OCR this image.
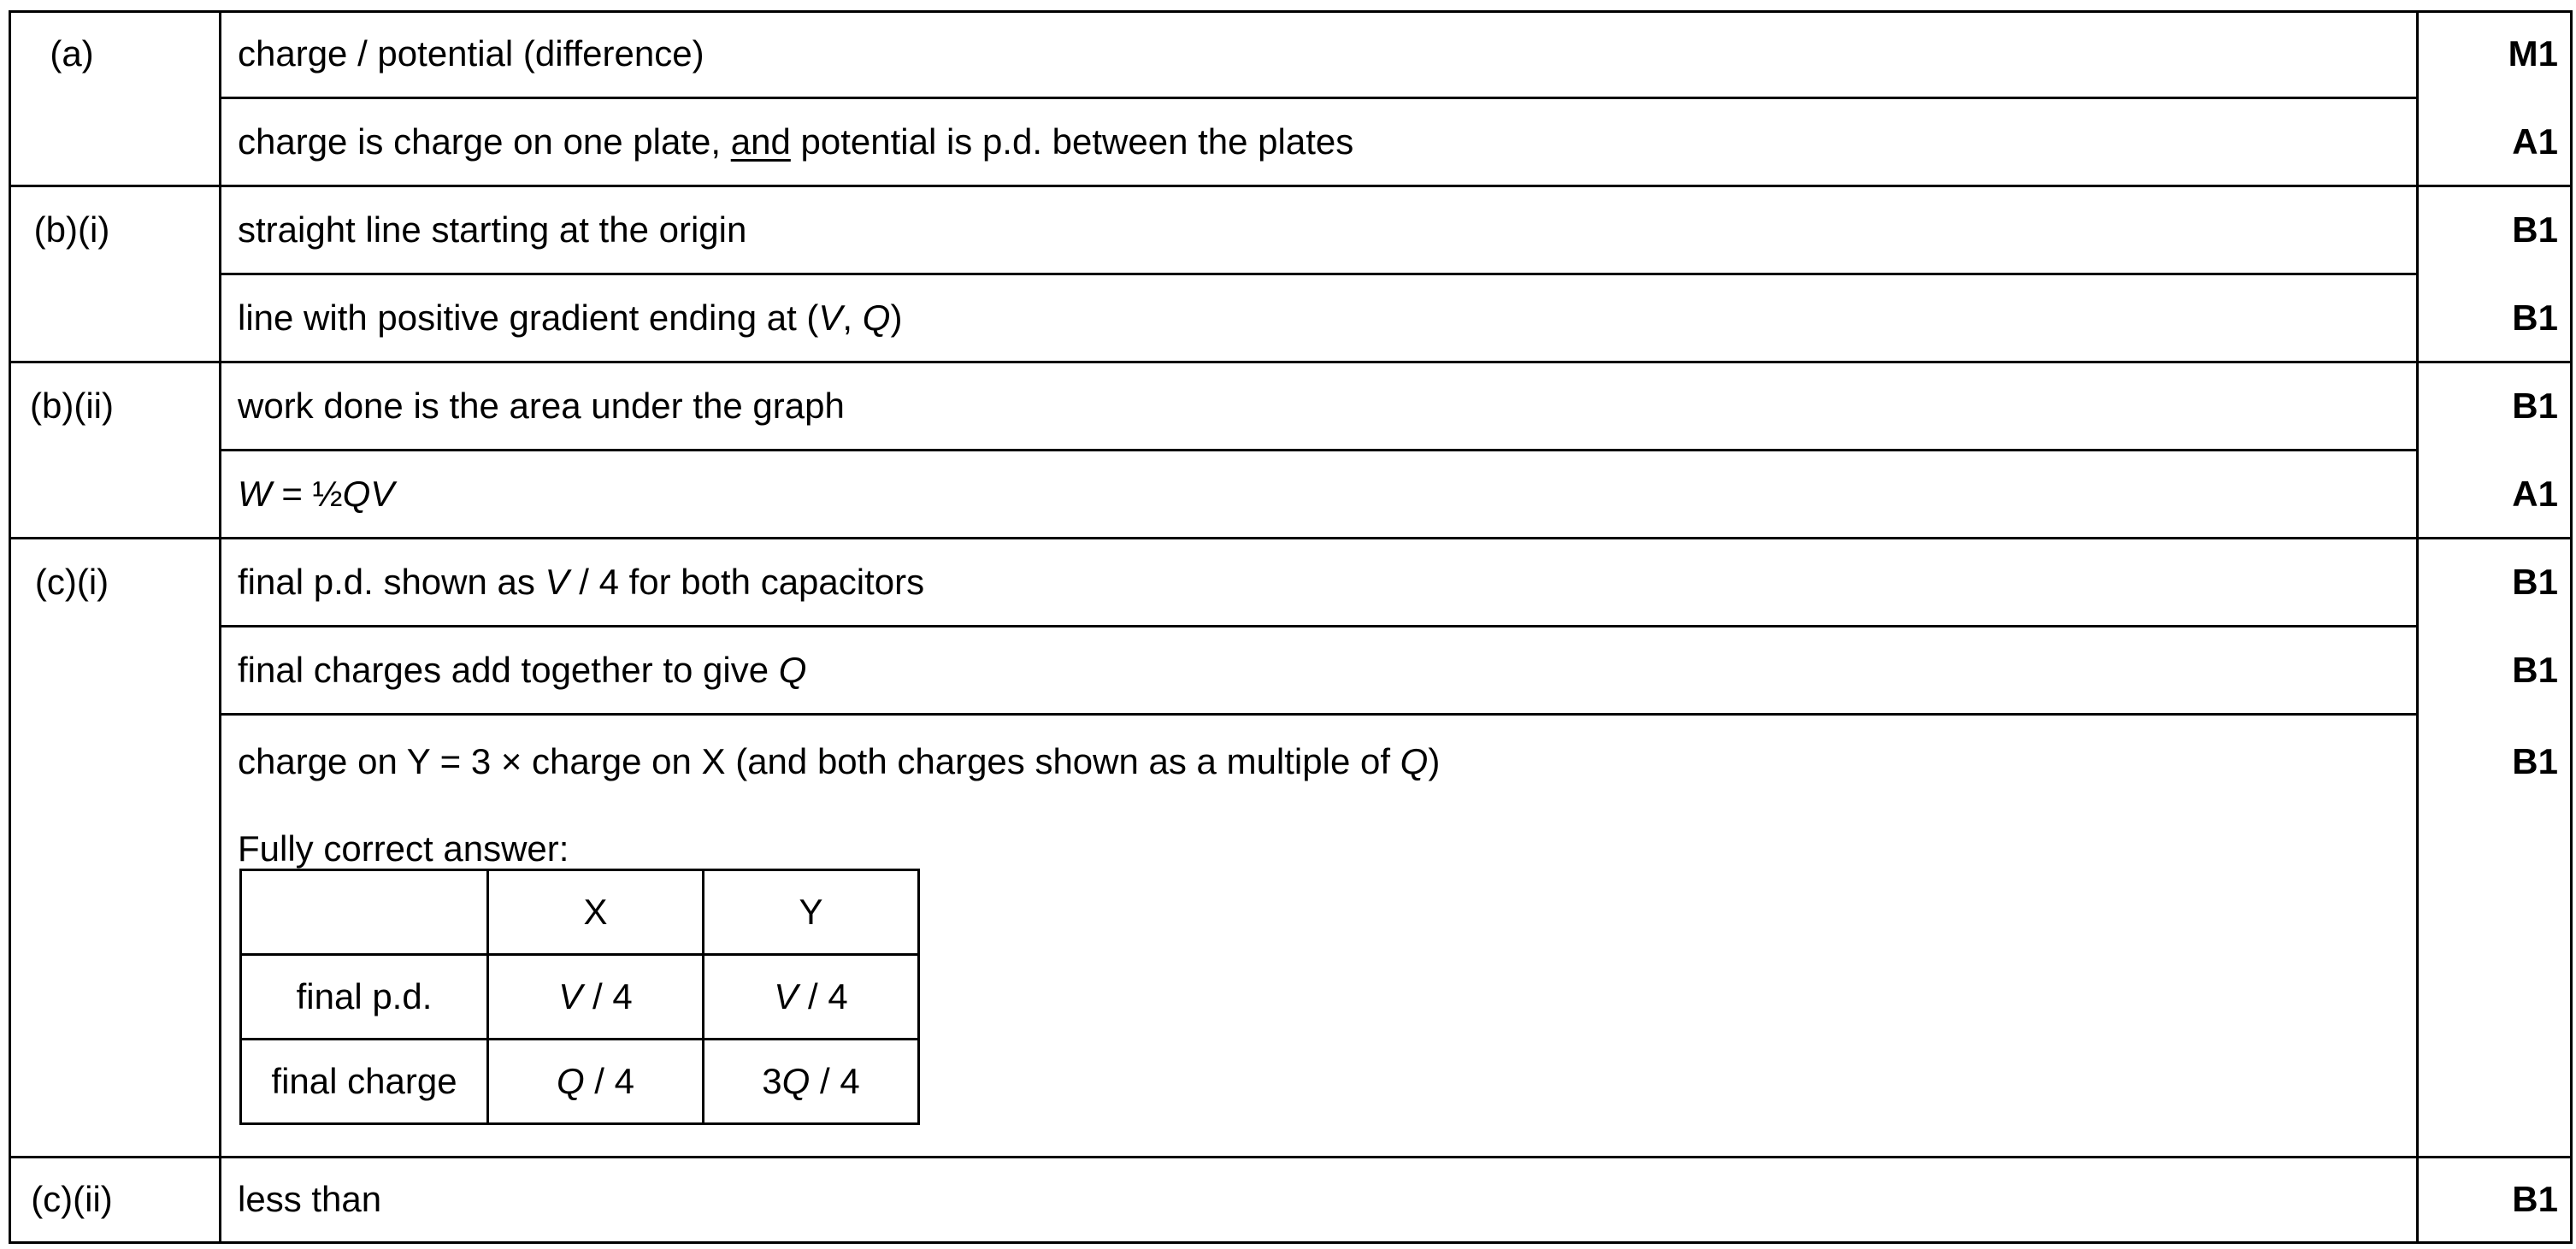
(a)	charge / potential (difference)	M1
charge is charge on one plate, and potential is p.d. between the plates	A1
(b)(i)	straight line starting at the origin	B1
line with positive gradient ending at (V, Q)	B1
(b)(ii)	work done is the area under the graph	B1
W = ½QV	A1
(c)(i)	final p.d. shown as V / 4 for both capacitors	B1
final charges add together to give Q	B1
charge on Y = 3 × charge on X (and both charges shown as a multiple of Q)	B1
Fully correct answer:
	X	Y
final p.d.	V / 4	V / 4
final charge	Q / 4	3Q / 4
(c)(ii)	less than	B1
